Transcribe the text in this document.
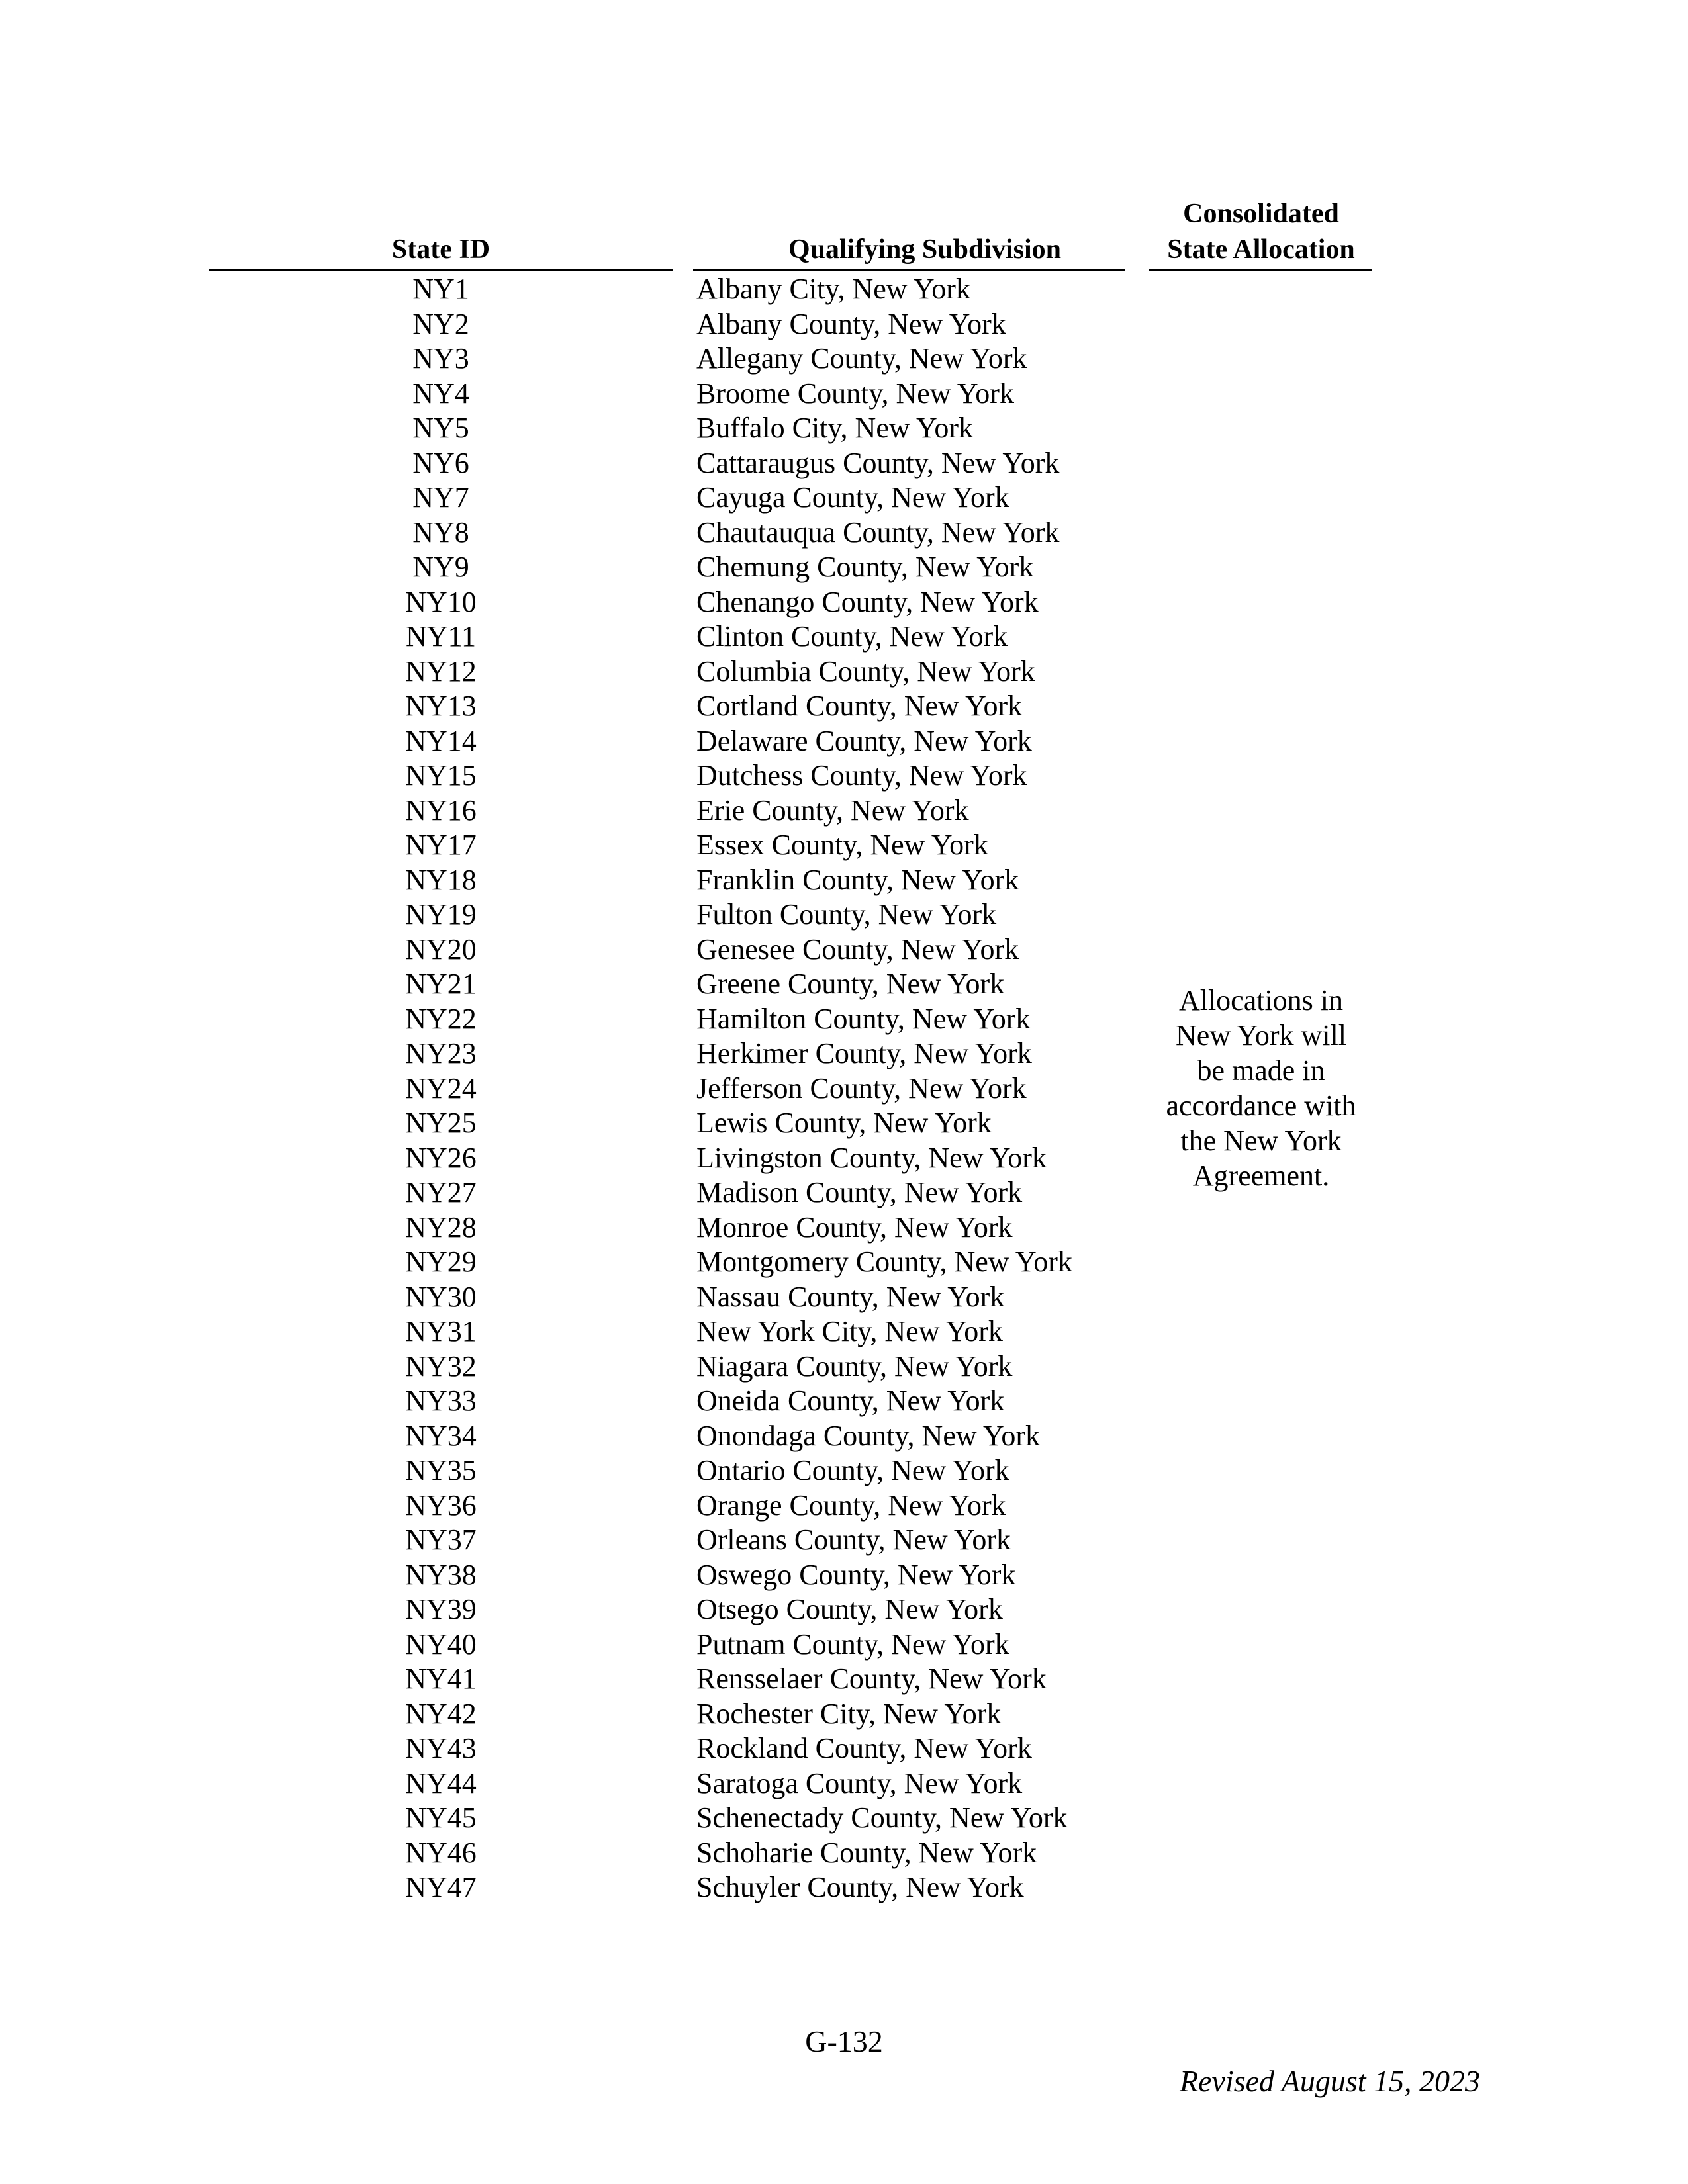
State ID	Qualifying Subdivision
Consolidated
State Allocation
NY1	Albany City, New York
NY2	Albany County, New York
NY3	Allegany County, New York
NY4	Broome County, New York
NY5	Buffalo City, New York
NY6	Cattaraugus County, New York
NY7	Cayuga County, New York
NY8	Chautauqua County, New York
NY9	Chemung County, New York
NY10	Chenango County, New York
NY11	Clinton County, New York
NY12	Columbia County, New York
NY13	Cortland County, New York
NY14	Delaware County, New York
NY15	Dutchess County, New York
NY16	Erie County, New York
NY17	Essex County, New York
NY18	Franklin County, New York
NY19	Fulton County, New York
NY20	Genesee County, New York
NY21	Greene County, New York
NY22	Hamilton County, New York
NY23	Herkimer County, New York
NY24	Jefferson County, New York
NY25	Lewis County, New York
NY26	Livingston County, New York
NY27	Madison County, New York
NY28	Monroe County, New York
NY29	Montgomery County, New York
NY30	Nassau County, New York
NY31	New York City, New York
NY32	Niagara County, New York
NY33	Oneida County, New York
NY34	Onondaga County, New York
NY35	Ontario County, New York
NY36	Orange County, New York
NY37	Orleans County, New York
NY38	Oswego County, New York
NY39	Otsego County, New York
NY40	Putnam County, New York
NY41	Rensselaer County, New York
NY42	Rochester City, New York
NY43	Rockland County, New York
NY44	Saratoga County, New York
NY45	Schenectady County, New York
NY46	Schoharie County, New York
NY47	Schuyler County, New York
Allocations in
New York will
be made in
accordance with
the New York
Agreement.
G-132
Revised August 15, 2023
